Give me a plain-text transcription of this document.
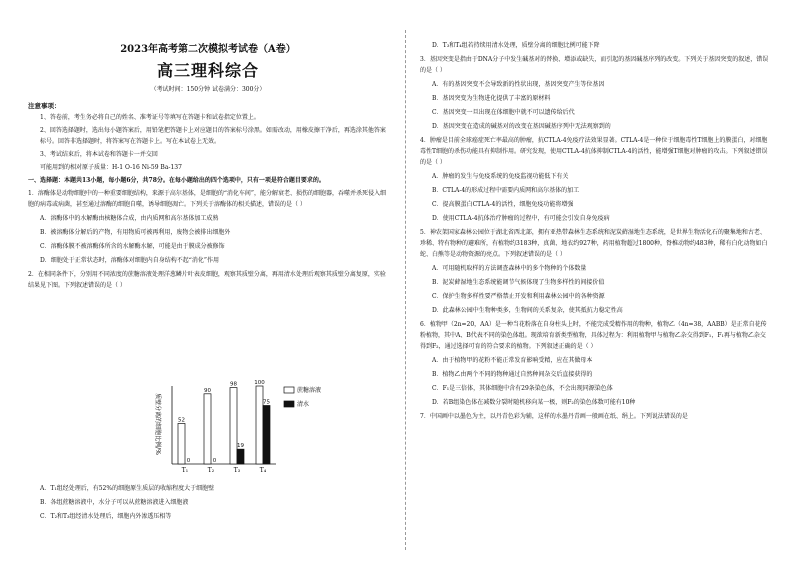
2023年高考第二次模拟考试卷（A卷）
高三理科综合
（考试时间：150分钟 试卷满分：300分）
注意事项：
1、答卷前，考生务必将自己的姓名、准考证号等填写在答题卡和试卷指定位置上。
2、回答选择题时，选出每小题答案后，用铅笔把答题卡上对应题目的答案标号涂黑。如需改动，用橡皮擦干净后，再选涂其他答案标号。回答非选择题时，将答案写在答题卡上。写在本试卷上无效。
3、考试结束后，将本试卷和答题卡一并交回
可能用到的相对原子质量：H-1 O-16 Ni-59 Ba-137
一、选择题：本题共13小题，每小题6分，共78分。在每小题给出的四个选项中，只有一项是符合题目要求的。
1．溶酶体是动物细胞中的一种重要细胞结构，来源于高尔基体，是细胞的“消化车间”，能分解衰老、损伤的细胞器，吞噬并杀死侵入细胞的病毒或病菌，甚至通过溶酶的细胞自噬，诱导细胞凋亡。下列关于溶酶体的相关描述，错误的是（ ）
A．溶酶体中的水解酶由核糖体合成，由内质网和高尔基体加工成熟
B．被溶酶体分解后的产物，有用物质可被再利用，废物会被排出细胞外
C．溶酶体膜不被溶酶体所含的水解酶水解，可能是由于膜成分被修饰
D．细胞处于正常状态时，溶酶体对细胞内自身结构不起“消化”作用
2．在相同条件下，分别用不同浓度的蔗糖溶液处理洋葱鳞片叶表皮细胞，观察其质壁分离，再用清水处理后观察其质壁分离复原，实验结果见下图。下列叙述错误的是（ ）
质壁分离的细胞比例/%
T₁
52
0
T₂
90
0
T₃
98
19
T₄
100
75
蔗糖溶液
清水
A．T₁组经处理后，有52%的细胞原生质层的收缩程度大于细胞壁
B．各组蔗糖溶液中，水分子可以从蔗糖溶液进入细胞液
C．T₂和T₃组经清水处理后，细胞内外渗透压相等
D．T₃和T₄组若持续用清水处理，质壁分离的细胞比例可能下降
3．基因突变是指由于DNA分子中发生碱基对的替换、增添或缺失，而引起的基因碱基序列的改变。下列关于基因突变的叙述，错误的是（ ）
A．有的基因突变不会导致新的性状出现，基因突变产生等位基因
B．基因突变为生物进化提供了丰富的原材料
C．基因突变一旦出现在体细胞中就不可以遗传给后代
D．基因突变在造成的碱基对的改变在基因碱基序列中无法观察到的
4．肿瘤是目前全球癌症死亡率最高的肿瘤，抗CTLA-4免疫疗法效果显著。CTLA-4是一种位于细胞毒性T细胞上的膜蛋白，对细胞毒性T细胞的杀伤功能具有抑制作用。研究发现，使用CTLA-4抗体抑制CTLA-4的活性，能增强T细胞对肿瘤的攻击。下列叙述错误的是（ ）
A．肿瘤的发生与免疫系统的免疫监视功能低下有关
B．CTLA-4的形成过程中需要内质网和高尔基体的加工
C．提高膜蛋白CTLA-4的活性，细胞免疫功能将增强
D．使用CTLA-4抗体治疗肿瘤的过程中，有可能会引发自身免疫病
5．神农架国家森林公园位于湖北省西北部，拥有亚热带森林生态系统和泥炭藓湿地生态系统，是世界生物活化石的聚集地和古老、珍稀、特有物种的避难所，有植物约3183种，真菌、地衣约927种，药用植物超过1800种，脊椎动物约483种，稀有白化动物如白蛇、白熊等是动物资源的亮点。下列叙述错误的是（ ）
A．可用随机取样的方法调查森林中的多个物种的个体数量
B．泥炭藓湿地生态系统能调节气候体现了生物多样性的间接价值
C．保护生物多样性要严格禁止开发和利用森林公园中的各种资源
D．此森林公园中生物种类多，生物间的关系复杂，使其抵抗力稳定性高
6．植物甲（2n=20，AA）是一种当花粉落在自身柱头上时，不能完成受精作用的物种，植物乙（4n=38，AABB）是正常自花传粉植物，其中A、B代表不同的染色体组。现欲培育新类型植物，具体过程为：利用植物甲与植物乙杂交得到F₁，F₁再与植物乙杂交得到F₂，通过选择可育的符合要求的植物。下列叙述正确的是（ ）
A．由于植物甲的花粉不能正常发育影响受精，应在其做母本
B．植物乙由两个不同的物种通过自然种间杂交后直接获得的
C．F₁是三倍体，其体细胞中含有29条染色体，不会出现同源染色体
D．若B组染色体在减数分裂时随机移向某一极，则F₂的染色体数可能有10种
7．中国画中以墨色为主，以丹青色彩为辅，这样的水墨丹青画一般画在纸、绢上。下列说法错误的是
